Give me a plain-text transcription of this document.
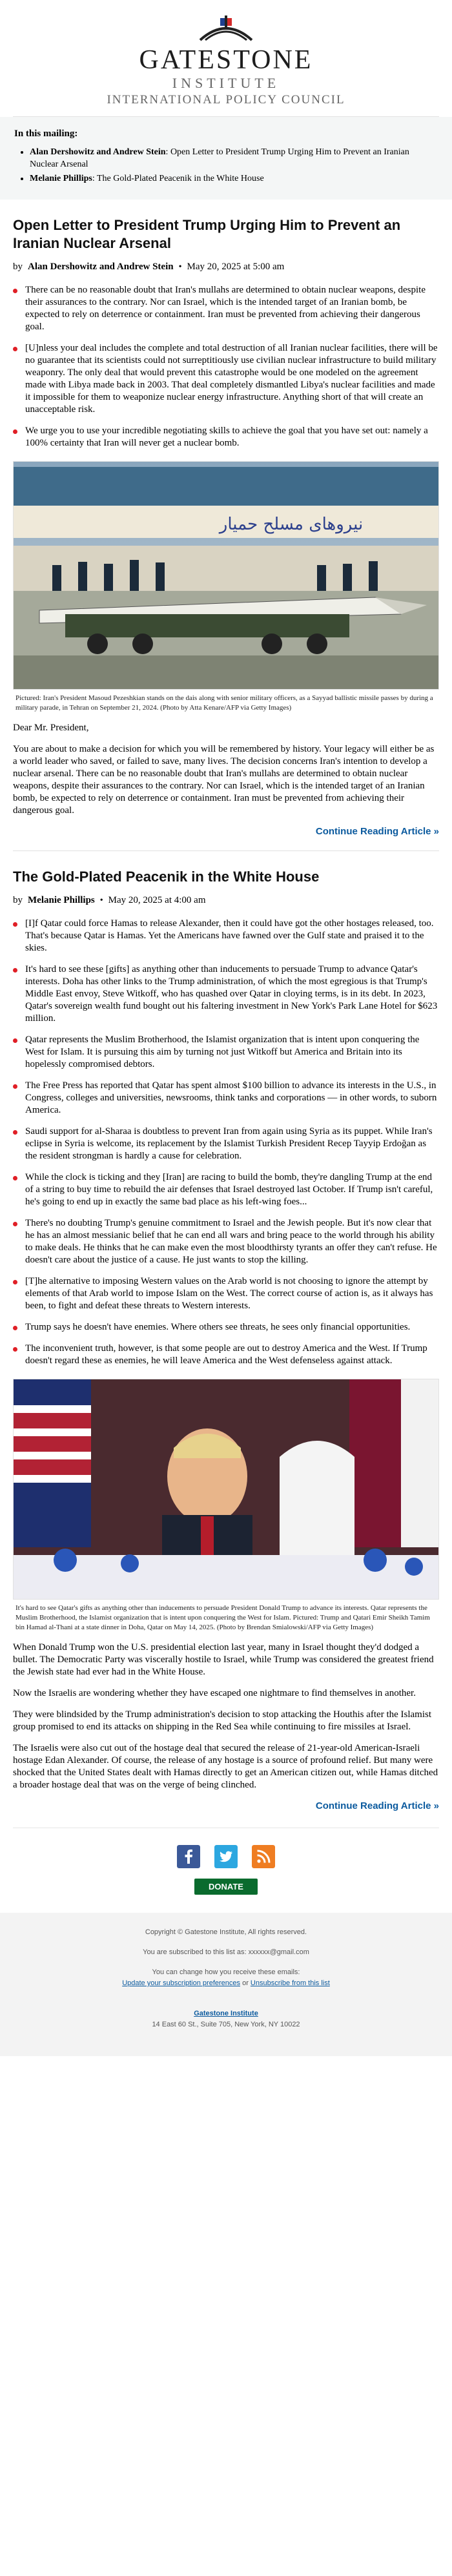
GATESTONE
INSTITUTE
INTERNATIONAL POLICY COUNCIL
In this mailing:
• Alan Dershowitz and Andrew Stein: Open Letter to President Trump Urging Him to Prevent an Iranian Nuclear Arsenal
• Melanie Phillips: The Gold-Plated Peacenik in the White House
Open Letter to President Trump Urging Him to Prevent an Iranian Nuclear Arsenal
by Alan Dershowitz and Andrew Stein • May 20, 2025 at 5:00 am
There can be no reasonable doubt that Iran's mullahs are determined to obtain nuclear weapons, despite their assurances to the contrary. Nor can Israel, which is the intended target of an Iranian bomb, be expected to rely on deterrence or containment. Iran must be prevented from achieving their dangerous goal.
[U]nless your deal includes the complete and total destruction of all Iranian nuclear facilities, there will be no guarantee that its scientists could not surreptitiously use civilian nuclear infrastructure to build military weaponry. The only deal that would prevent this catastrophe would be one modeled on the agreement made with Libya made back in 2003. That deal completely dismantled Libya's nuclear facilities and made it impossible for them to weaponize nuclear energy infrastructure. Anything short of that will create an unacceptable risk.
We urge you to use your incredible negotiating skills to achieve the goal that you have set out: namely a 100% certainty that Iran will never get a nuclear bomb.
نیروهای مسلح حمیار
Pictured: Iran's President Masoud Pezeshkian stands on the dais along with senior military officers, as a Sayyad ballistic missile passes by during a military parade, in Tehran on September 21, 2024. (Photo by Atta Kenare/AFP via Getty Images)

Dear Mr. President,

You are about to make a decision for which you will be remembered by history. Your legacy will either be as a world leader who saved, or failed to save, many lives. The decision concerns Iran's intention to develop a nuclear arsenal. There can be no reasonable doubt that Iran's mullahs are determined to obtain nuclear weapons, despite their assurances to the contrary. Nor can Israel, which is the intended target of an Iranian bomb, be expected to rely on deterrence or containment. Iran must be prevented from achieving their dangerous goal.

Continue Reading Article »
The Gold-Plated Peacenik in the White House
by Melanie Phillips • May 20, 2025 at 4:00 am
[I]f Qatar could force Hamas to release Alexander, then it could have got the other hostages released, too. That's because Qatar is Hamas. Yet the Americans have fawned over the Gulf state and praised it to the skies.
It's hard to see these [gifts] as anything other than inducements to persuade Trump to advance Qatar's interests. Doha has other links to the Trump administration, of which the most egregious is that Trump's Middle East envoy, Steve Witkoff, who has quashed over Qatar in cloying terms, is in its debt. In 2023, Qatar's sovereign wealth fund bought out his faltering investment in New York's Park Lane Hotel for $623 million.
Qatar represents the Muslim Brotherhood, the Islamist organization that is intent upon conquering the West for Islam. It is pursuing this aim by turning not just Witkoff but America and Britain into its hopelessly compromised debtors.
The Free Press has reported that Qatar has spent almost $100 billion to advance its interests in the U.S., in Congress, colleges and universities, newsrooms, think tanks and corporations — in other words, to suborn America.
Saudi support for al-Sharaa is doubtless to prevent Iran from again using Syria as its puppet. While Iran's eclipse in Syria is welcome, its replacement by the Islamist Turkish President Recep Tayyip Erdoğan as the resident strongman is hardly a cause for celebration.
While the clock is ticking and they [Iran] are racing to build the bomb, they're dangling Trump at the end of a string to buy time to rebuild the air defenses that Israel destroyed last October. If Trump isn't careful, he's going to end up in exactly the same bad place as his left-wing foes...
There's no doubting Trump's genuine commitment to Israel and the Jewish people. But it's now clear that he has an almost messianic belief that he can end all wars and bring peace to the world through his ability to make deals. He thinks that he can make even the most bloodthirsty tyrants an offer they can't refuse. He doesn't care about the justice of a cause. He just wants to stop the killing.
[T]he alternative to imposing Western values on the Arab world is not choosing to ignore the attempt by elements of that Arab world to impose Islam on the West. The correct course of action is, as it always has been, to fight and defeat these threats to Western interests.
Trump says he doesn't have enemies. Where others see threats, he sees only financial opportunities.
The inconvenient truth, however, is that some people are out to destroy America and the West. If Trump doesn't regard these as enemies, he will leave America and the West defenseless against attack.
It's hard to see Qatar's gifts as anything other than inducements to persuade President Donald Trump to advance its interests. Qatar represents the Muslim Brotherhood, the Islamist organization that is intent upon conquering the West for Islam. Pictured: Trump and Qatari Emir Sheikh Tamim bin Hamad al-Thani at a state dinner in Doha, Qatar on May 14, 2025. (Photo by Brendan Smialowski/AFP via Getty Images)

When Donald Trump won the U.S. presidential election last year, many in Israel thought they'd dodged a bullet. The Democratic Party was viscerally hostile to Israel, while Trump was considered the greatest friend the Jewish state had ever had in the White House.

Now the Israelis are wondering whether they have escaped one nightmare to find themselves in another.

They were blindsided by the Trump administration's decision to stop attacking the Houthis after the Islamist group promised to end its attacks on shipping in the Red Sea while continuing to fire missiles at Israel.

The Israelis were also cut out of the hostage deal that secured the release of 21-year-old American-Israeli hostage Edan Alexander. Of course, the release of any hostage is a source of profound relief. But many were shocked that the United States dealt with Hamas directly to get an American citizen out, while Hamas ditched a broader hostage deal that was on the verge of being clinched.

Continue Reading Article »

DONATE

Copyright © Gatestone Institute, All rights reserved.

You are subscribed to this list as: xxxxxx@gmail.com

You can change how you receive these emails:
Update your subscription preferences or Unsubscribe from this list

Gatestone Institute
14 East 60 St., Suite 705, New York, NY 10022
